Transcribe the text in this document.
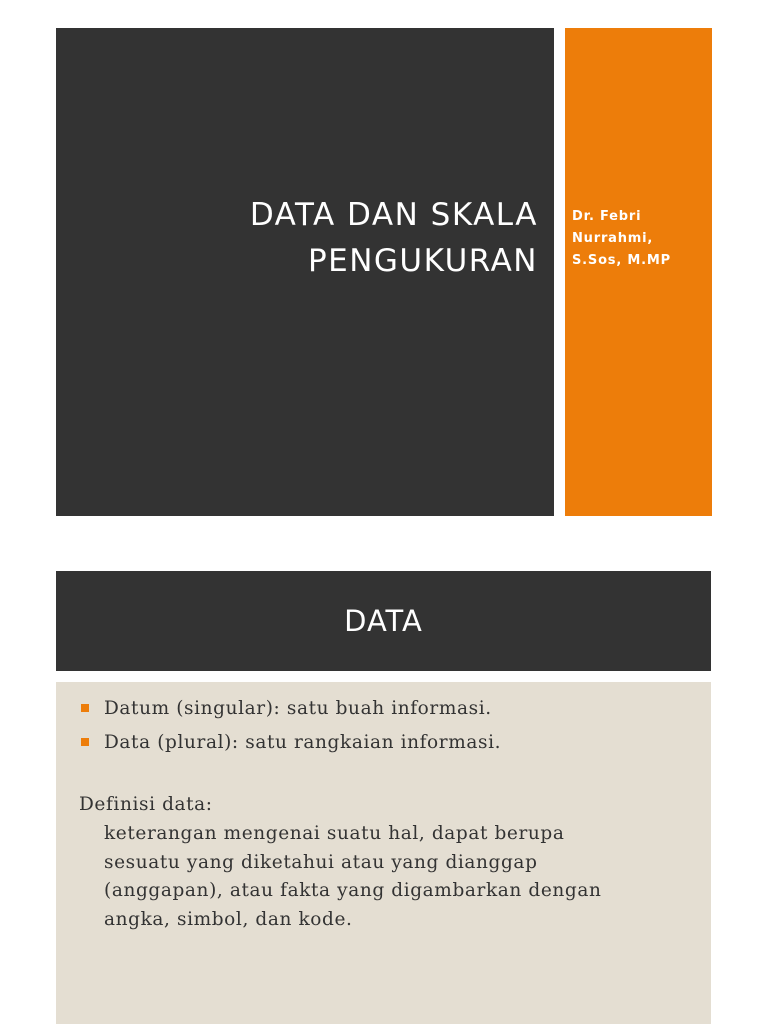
DATA DAN SKALA
PENGUKURAN
Dr. Febri
Nurrahmi,
S.Sos, M.MP
DATA
Datum (singular): satu buah informasi.
Data (plural): satu rangkaian informasi.
Definisi data:
keterangan mengenai suatu hal, dapat berupa
sesuatu yang diketahui atau yang dianggap
(anggapan), atau fakta yang digambarkan dengan
angka, simbol, dan kode.
